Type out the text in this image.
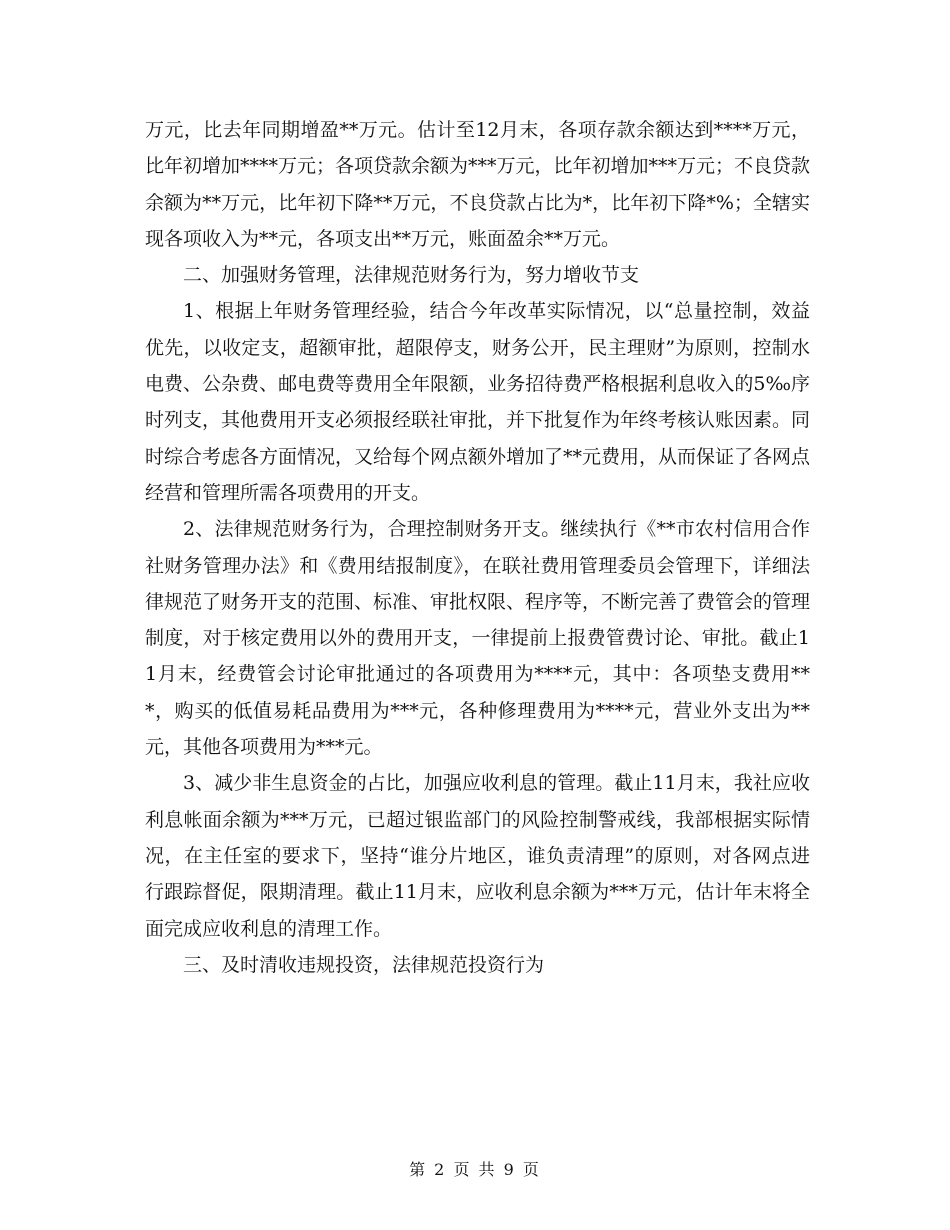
万元，比去年同期增盈**万元。估计至12月末，各项存款余额达到****万元，比年初增加****万元；各项贷款余额为***万元，比年初增加***万元；不良贷款余额为**万元，比年初下降**万元，不良贷款占比为*，比年初下降*%；全辖实现各项收入为**元，各项支出**万元，账面盈余**万元。

二、加强财务管理，法律规范财务行为，努力增收节支

1、根据上年财务管理经验，结合今年改革实际情况，以“总量控制，效益优先，以收定支，超额审批，超限停支，财务公开，民主理财”为原则，控制水电费、公杂费、邮电费等费用全年限额，业务招待费严格根据利息收入的5‰序时列支，其他费用开支必须报经联社审批，并下批复作为年终考核认账因素。同时综合考虑各方面情况，又给每个网点额外增加了**元费用，从而保证了各网点经营和管理所需各项费用的开支。

2、法律规范财务行为，合理控制财务开支。继续执行《**市农村信用合作社财务管理办法》和《费用结报制度》，在联社费用管理委员会管理下，详细法律规范了财务开支的范围、标准、审批权限、程序等，不断完善了费管会的管理制度，对于核定费用以外的费用开支，一律提前上报费管费讨论、审批。截止11月末，经费管会讨论审批通过的各项费用为****元，其中：各项垫支费用***，购买的低值易耗品费用为***元，各种修理费用为****元，营业外支出为**元，其他各项费用为***元。

3、减少非生息资金的占比，加强应收利息的管理。截止11月末，我社应收利息帐面余额为***万元，已超过银监部门的风险控制警戒线，我部根据实际情况，在主任室的要求下，坚持“谁分片地区，谁负责清理”的原则，对各网点进行跟踪督促，限期清理。截止11月末，应收利息余额为***万元，估计年末将全面完成应收利息的清理工作。

三、及时清收违规投资，法律规范投资行为

第 2 页 共 9 页
